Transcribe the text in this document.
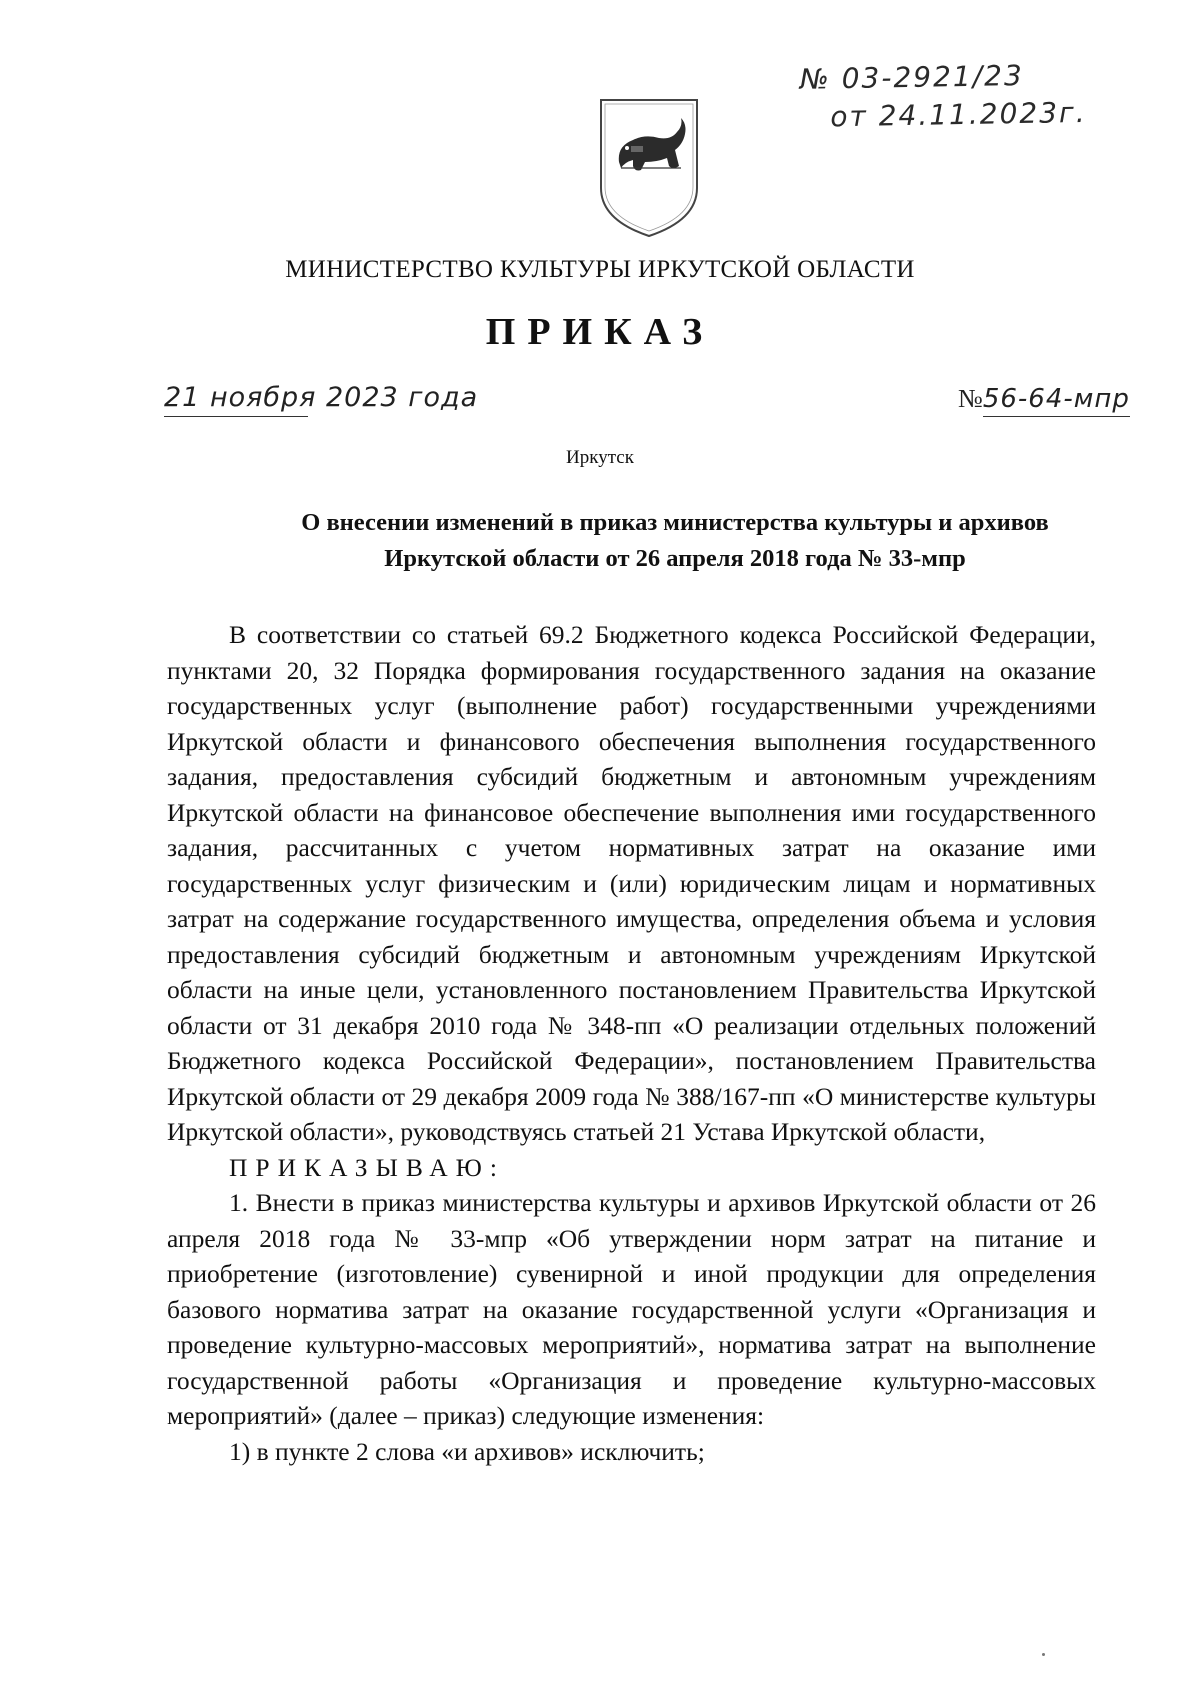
№ 03-2921/23
от 24.11.2023г.
МИНИСТЕРСТВО КУЛЬТУРЫ ИРКУТСКОЙ ОБЛАСТИ
ПРИКАЗ
21 ноября 2023 года	№56-64-мпр
Иркутск
О внесении изменений в приказ министерства культуры и архивов
Иркутской области от 26 апреля 2018 года № 33-мпр

В соответствии со статьей 69.2 Бюджетного кодекса Российской Федерации, пунктами 20, 32 Порядка формирования государственного задания на оказание государственных услуг (выполнение работ) государственными учреждениями Иркутской области и финансового обеспечения выполнения государственного задания, предоставления субсидий бюджетным и автономным учреждениям Иркутской области на финансовое обеспечение выполнения ими государственного задания, рассчитанных с учетом нормативных затрат на оказание ими государственных услуг физическим и (или) юридическим лицам и нормативных затрат на содержание государственного имущества, определения объема и условия предоставления субсидий бюджетным и автономным учреждениям Иркутской области на иные цели, установленного постановлением Правительства Иркутской области от 31 декабря 2010 года № 348-пп «О реализации отдельных положений Бюджетного кодекса Российской Федерации», постановлением Правительства Иркутской области от 29 декабря 2009 года № 388/167-пп «О министерстве культуры Иркутской области», руководствуясь статьей 21 Устава Иркутской области,

ПРИКАЗЫВАЮ:

1. Внести в приказ министерства культуры и архивов Иркутской области от 26 апреля 2018 года № 33-мпр «Об утверждении норм затрат на питание и приобретение (изготовление) сувенирной и иной продукции для определения базового норматива затрат на оказание государственной услуги «Организация и проведение культурно-массовых мероприятий», норматива затрат на выполнение государственной работы «Организация и проведение культурно-массовых мероприятий» (далее – приказ) следующие изменения:

1) в пункте 2 слова «и архивов» исключить;
